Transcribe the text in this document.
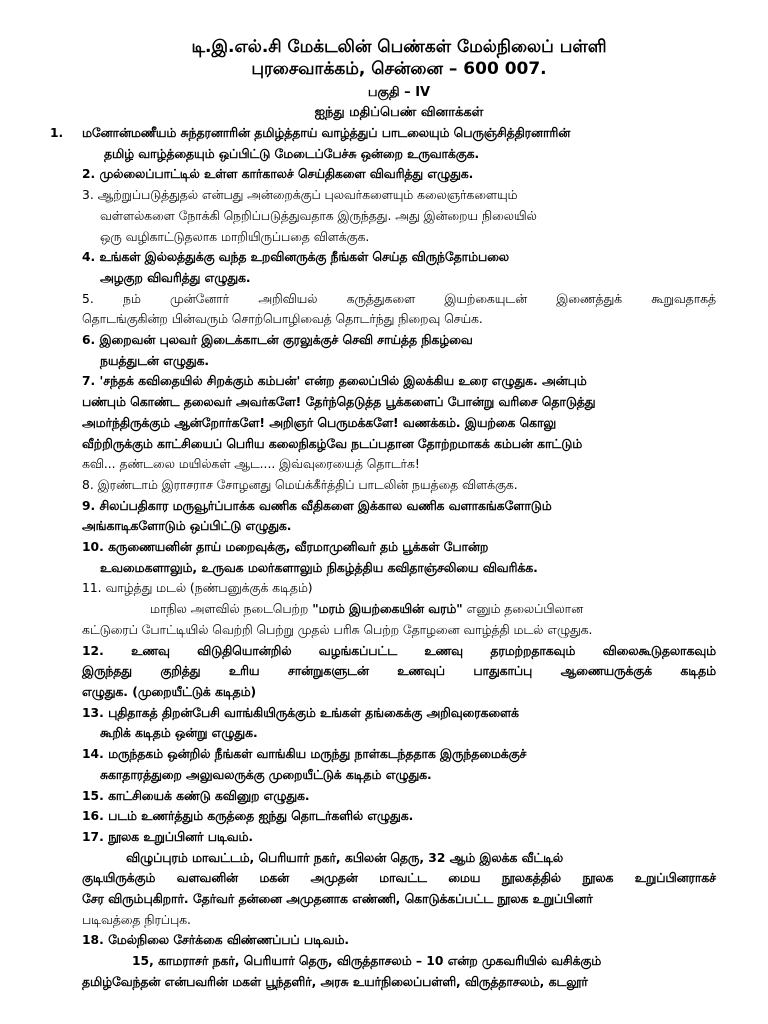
டி.இ.எல்.சி மேக்டலின் பெண்கள் மேல்நிலைப் பள்ளி
புரசைவாக்கம், சென்னை – 600 007.
பகுதி – IV
ஐந்து மதிப்பெண் வினாக்கள்
1. மனோன்மணீயம் சுந்தரனாரின் தமிழ்த்தாய் வாழ்த்துப் பாடலையும் பெருஞ்சித்திரனாரின்
தமிழ் வாழ்த்தையும் ஒப்பிட்டு மேடைப்பேச்சு ஒன்றை உருவாக்குக.
2. முல்லைப்பாட்டில் உள்ள கார்காலச் செய்திகளை விவரித்து எழுதுக.
3. ஆற்றுப்படுத்துதல் என்பது அன்றைக்குப் புலவர்களையும் கலைஞர்களையும்
வள்ளல்களை நோக்கி நெறிப்படுத்துவதாக இருந்தது. அது இன்றைய நிலையில்
ஒரு வழிகாட்டுதலாக மாறியிருப்பதை விளக்குக.
4. உங்கள் இல்லத்துக்கு வந்த உறவினருக்கு நீங்கள் செய்த விருந்தோம்பலை
அழகுற விவரித்து எழுதுக.
5. நம் முன்னோர் அறிவியல் கருத்துகளை இயற்கையுடன் இணைத்துக் கூறுவதாகத்
தொடங்குகின்ற பின்வரும் சொற்பொழிவைத் தொடர்ந்து நிறைவு செய்க.
6. இறைவன் புலவர் இடைக்காடன் குரலுக்குச் செவி சாய்த்த நிகழ்வை
நயத்துடன் எழுதுக.
7. 'சந்தக் கவிதையில் சிறக்கும் கம்பன்' என்ற தலைப்பில் இலக்கிய உரை எழுதுக. அன்பும்
பண்பும் கொண்ட தலைவர் அவர்களே! தேர்ந்தெடுத்த பூக்களைப் போன்று வரிசை தொடுத்து
அமர்ந்திருக்கும் ஆன்றோர்களே! அறிஞர் பெருமக்களே! வணக்கம். இயற்கை கொலு
வீற்றிருக்கும் காட்சியைப் பெரிய கலைநிகழ்வே நடப்பதான தோற்றமாகக் கம்பன் காட்டும்
கவி... தண்டலை மயில்கள் ஆட.... இவ்வுரையைத் தொடர்க!
8. இரண்டாம் இராசராச சோழனது மெய்க்கீர்த்திப் பாடலின் நயத்தை விளக்குக.
9. சிலப்பதிகார மருவூர்ப்பாக்க வணிக வீதிகளை இக்கால வணிக வளாகங்களோடும்
அங்காடிகளோடும் ஒப்பிட்டு எழுதுக.
10. கருணையனின் தாய் மறைவுக்கு, வீரமாமுனிவர் தம் பூக்கள் போன்ற
உவமைகளாலும், உருவக மலர்களாலும் நிகழ்த்திய கவிதாஞ்சலியை விவரிக்க.
11. வாழ்த்து மடல் (நண்பனுக்குக் கடிதம்)
மாநில அளவில் நடைபெற்ற "மரம் இயற்கையின் வரம்" எனும் தலைப்பிலான
கட்டுரைப் போட்டியில் வெற்றி பெற்று முதல் பரிசு பெற்ற தோழனை வாழ்த்தி மடல் எழுதுக.
12. உணவு விடுதியொன்றில் வழங்கப்பட்ட உணவு தரமற்றதாகவும் விலைகூடுதலாகவும்
இருந்தது குறித்து உரிய சான்றுகளுடன் உணவுப் பாதுகாப்பு ஆணையருக்குக் கடிதம்
எழுதுக. (முறையீட்டுக் கடிதம்)
13. புதிதாகத் திறன்பேசி வாங்கியிருக்கும் உங்கள் தங்கைக்கு அறிவுரைகளைக்
கூறிக் கடிதம் ஒன்று எழுதுக.
14. மருந்தகம் ஒன்றில் நீங்கள் வாங்கிய மருந்து நாள்கடந்ததாக இருந்தமைக்குச்
சுகாதாரத்துறை அலுவலருக்கு முறையீட்டுக் கடிதம் எழுதுக.
15. காட்சியைக் கண்டு கவினுற எழுதுக.
16. படம் உணர்த்தும் கருத்தை ஐந்து தொடர்களில் எழுதுக.
17. நூலக உறுப்பினர் படிவம்.
விழுப்புரம் மாவட்டம், பெரியார் நகர், கபிலன் தெரு, 32 ஆம் இலக்க வீட்டில்
குடியிருக்கும் வளவனின் மகன் அமுதன் மாவட்ட மைய நூலகத்தில் நூலக உறுப்பினராகச்
சேர விரும்புகிறார். தேர்வர் தன்னை அமுதனாக எண்ணி, கொடுக்கப்பட்ட நூலக உறுப்பினர்
படிவத்தை நிரப்புக.
18. மேல்நிலை சேர்க்கை விண்ணப்பப் படிவம்.
15, காமராசர் நகர், பெரியார் தெரு, விருத்தாசலம் – 10 என்ற முகவரியில் வசிக்கும்
தமிழ்வேந்தன் என்பவரின் மகள் பூந்தளிர், அரசு உயர்நிலைப்பள்ளி, விருத்தாசலம், கடலூர்
